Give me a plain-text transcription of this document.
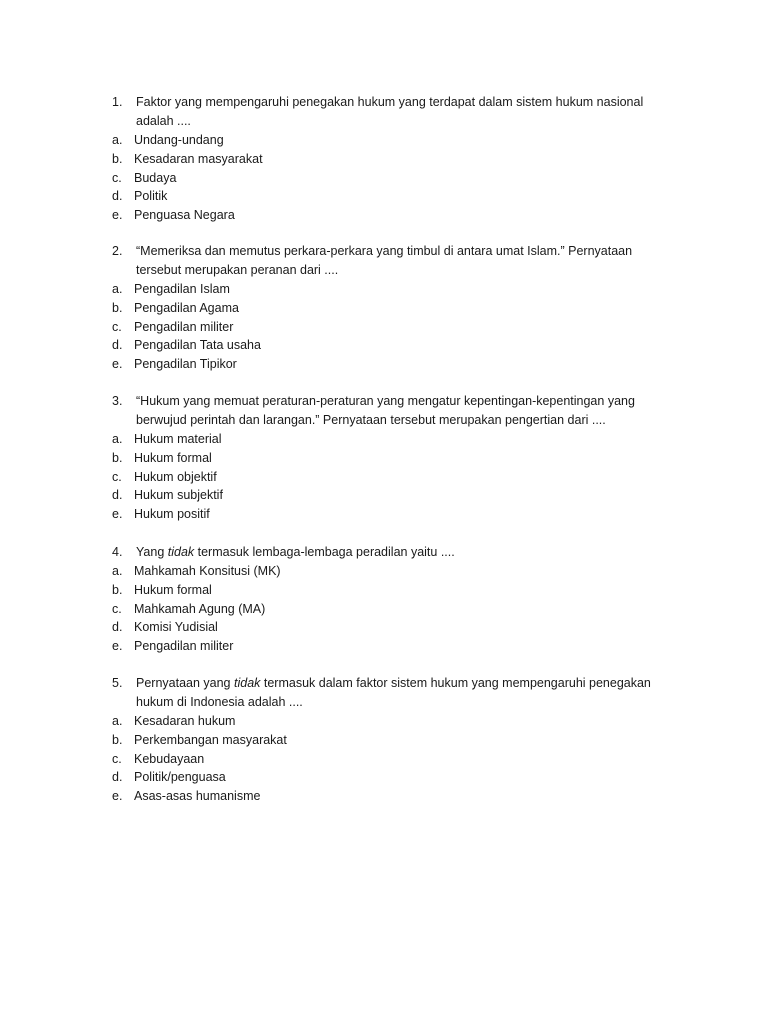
1.	Faktor yang mempengaruhi penegakan hukum yang terdapat dalam sistem hukum nasional adalah ....
a. Undang-undang
b. Kesadaran masyarakat
c. Budaya
d. Politik
e. Penguasa Negara
2.	“Memeriksa dan memutus perkara-perkara yang timbul di antara umat Islam.” Pernyataan tersebut merupakan peranan dari ....
a. Pengadilan Islam
b. Pengadilan Agama
c. Pengadilan militer
d. Pengadilan Tata usaha
e. Pengadilan Tipikor
3.	“Hukum yang memuat peraturan-peraturan yang mengatur kepentingan-kepentingan yang berwujud perintah dan larangan.” Pernyataan tersebut merupakan pengertian dari ....
a. Hukum material
b. Hukum formal
c. Hukum objektif
d. Hukum subjektif
e. Hukum positif
4.	Yang tidak termasuk lembaga-lembaga peradilan yaitu ....
a. Mahkamah Konsitusi (MK)
b. Hukum formal
c. Mahkamah Agung (MA)
d. Komisi Yudisial
e. Pengadilan militer
5.	Pernyataan yang tidak termasuk dalam faktor sistem hukum yang mempengaruhi penegakan hukum di Indonesia adalah ....
a. Kesadaran hukum
b. Perkembangan masyarakat
c. Kebudayaan
d. Politik/penguasa
e. Asas-asas humanisme
